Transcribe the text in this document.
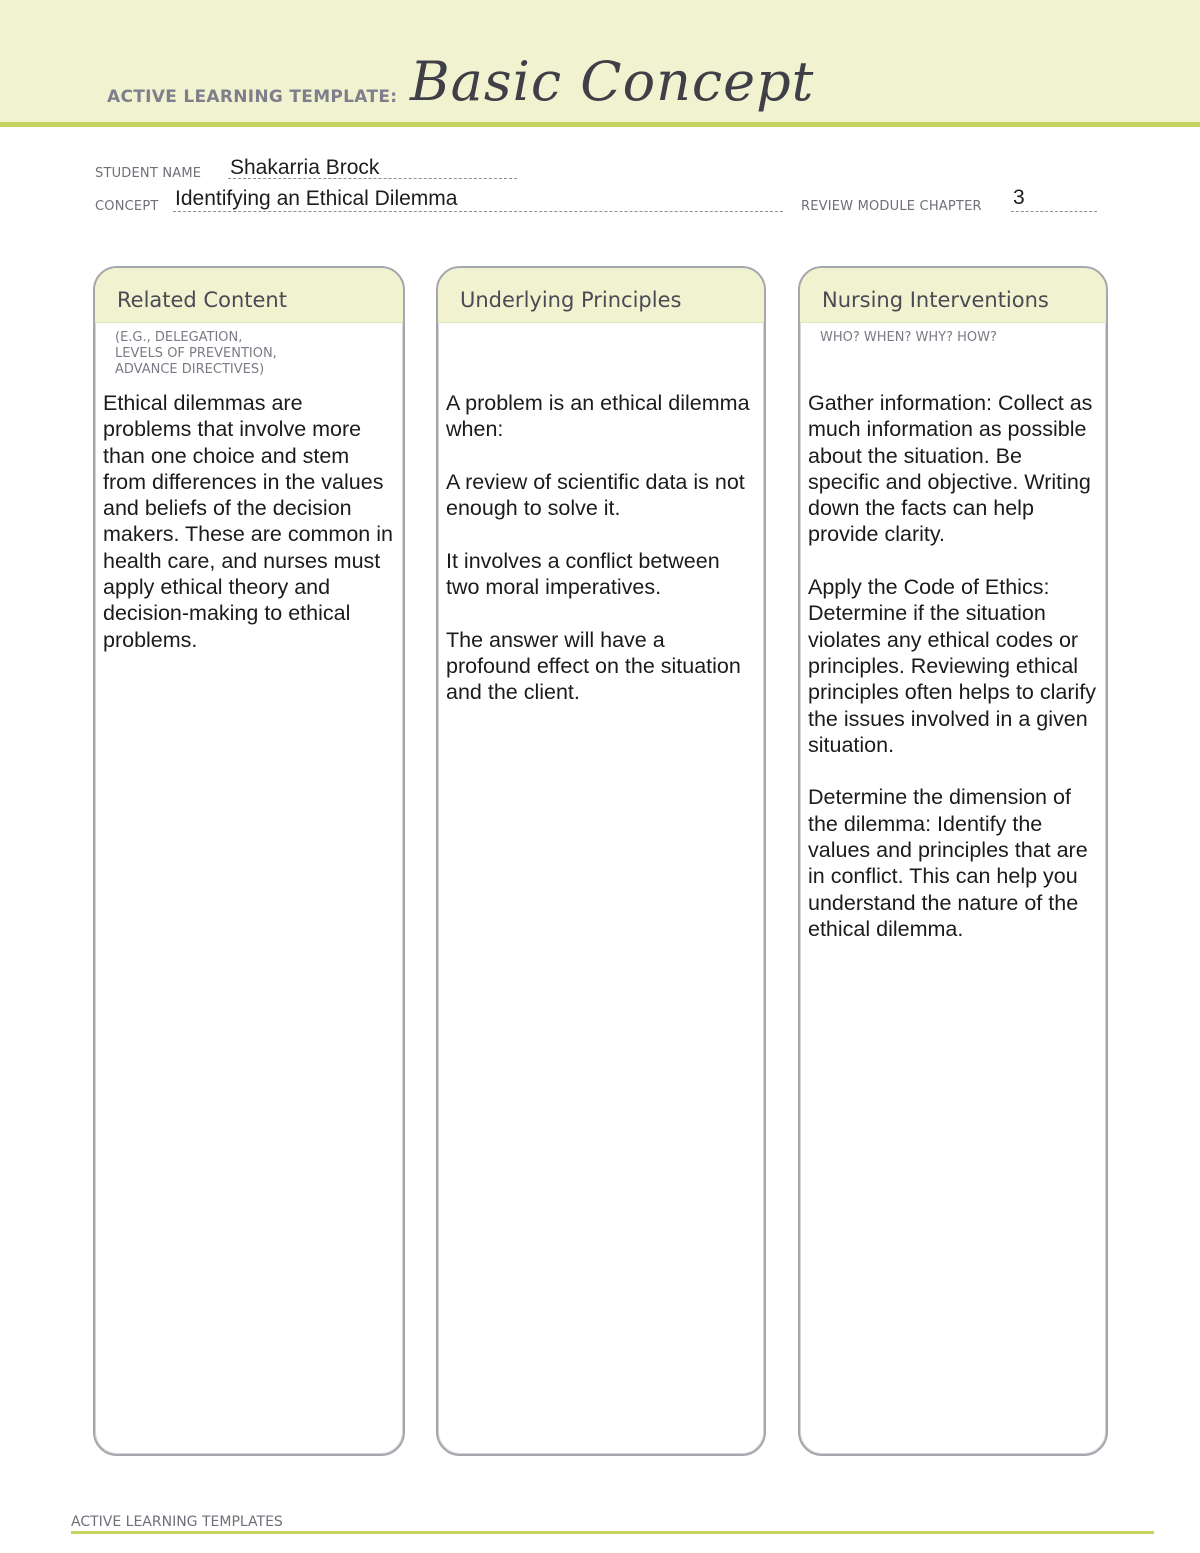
ACTIVE LEARNING TEMPLATE: Basic Concept
STUDENT NAME Shakarria Brock
CONCEPT Identifying an Ethical Dilemma	REVIEW MODULE CHAPTER 3
Related Content
(E.G., DELEGATION,
LEVELS OF PREVENTION,
ADVANCE DIRECTIVES)

Ethical dilemmas are problems that involve more than one choice and stem from differences in the values and beliefs of the decision makers. These are common in health care, and nurses must apply ethical theory and decision-making to ethical problems.

Underlying Principles

A problem is an ethical dilemma when:

A review of scientific data is not enough to solve it.

It involves a conflict between two moral imperatives.

The answer will have a profound effect on the situation and the client.

Nursing Interventions
WHO? WHEN? WHY? HOW?

Gather information: Collect as much information as possible about the situation. Be specific and objective. Writing down the facts can help provide clarity.

Apply the Code of Ethics: Determine if the situation violates any ethical codes or principles. Reviewing ethical principles often helps to clarify the issues involved in a given situation.

Determine the dimension of the dilemma: Identify the values and principles that are in conflict. This can help you understand the nature of the ethical dilemma.

ACTIVE LEARNING TEMPLATES
